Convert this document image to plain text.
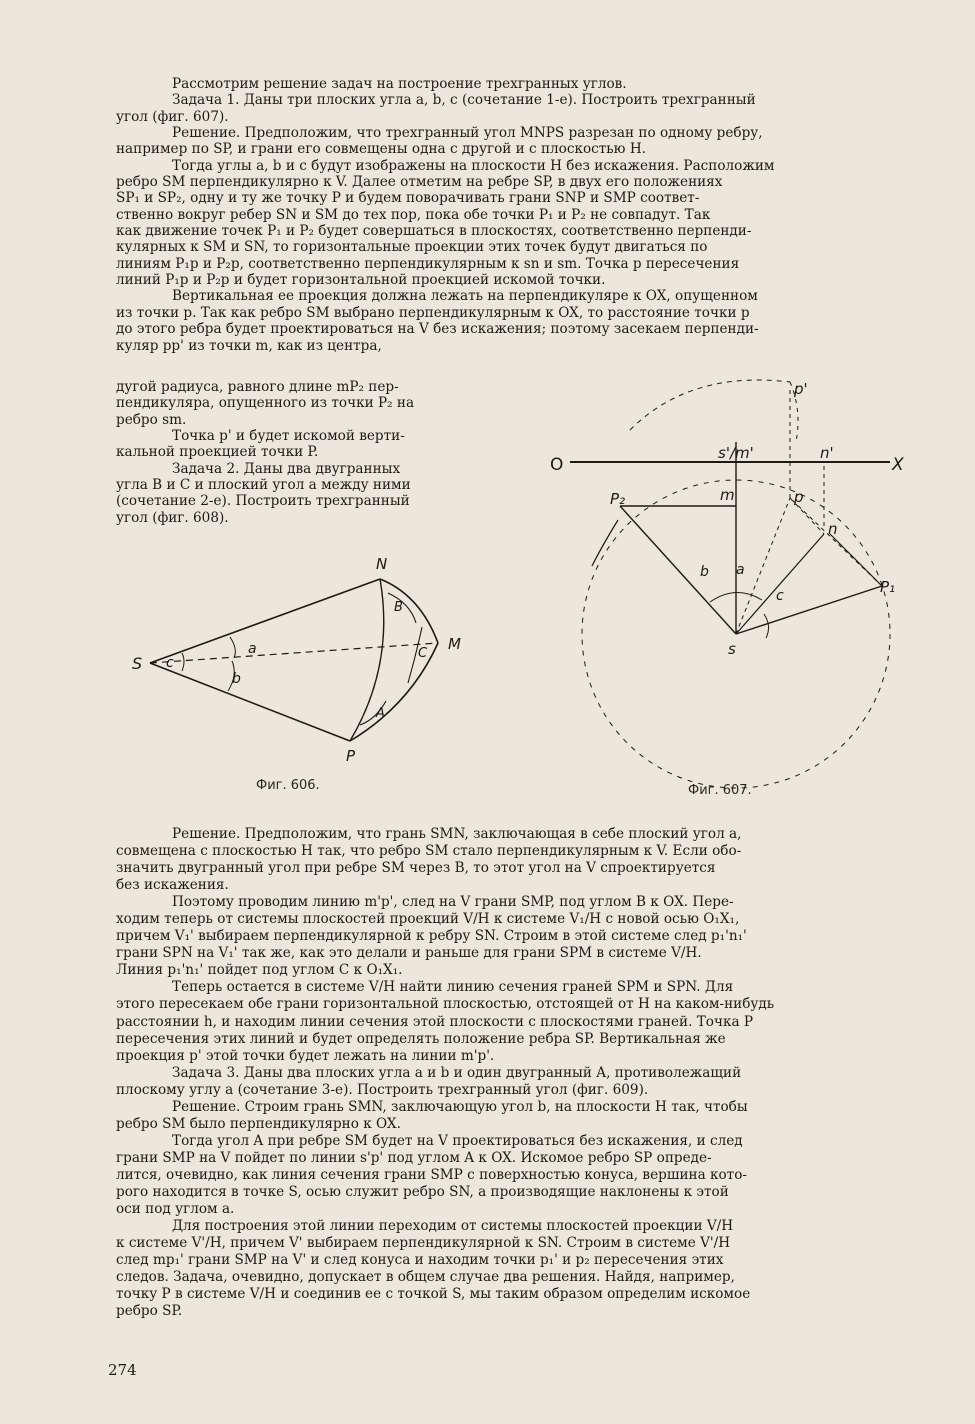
Рассмотрим решение задач на построение трехгранных углов.
Задача 1. Даны три плоских угла a, b, c (сочетание 1-е). Построить трехгранный
угол (фиг. 607).
Решение. Предположим, что трехгранный угол MNPS разрезан по одному ребру,
например по SP, и грани его совмещены одна с другой и с плоскостью H.
Тогда углы a, b и c будут изображены на плоскости H без искажения. Расположим
ребро SM перпендикулярно к V. Далее отметим на ребре SP, в двух его положениях
SP₁ и SP₂, одну и ту же точку P и будем поворачивать грани SNP и SMP соответ-
ственно вокруг ребер SN и SM до тех пор, пока обе точки P₁ и P₂ не совпадут. Так
как движение точек P₁ и P₂ будет совершаться в плоскостях, соответственно перпенди-
кулярных к SM и SN, то горизонтальные проекции этих точек будут двигаться по
линиям P₁p и P₂p, соответственно перпендикулярным к sn и sm. Точка p пересечения
линий P₁p и P₂p и будет горизонтальной проекцией искомой точки.
Вертикальная ее проекция должна лежать на перпендикуляре к OX, опущенном
из точки p. Так как ребро SM выбрано перпендикулярным к OX, то расстояние точки p
до этого ребра будет проектироваться на V без искажения; поэтому засекаем перпенди-
куляр pp' из точки m, как из центра,
дугой радиуса, равного длине mP₂ пер-
пендикуляра, опущенного из точки P₂ на
ребро sm.
Точка p' и будет искомой верти-
кальной проекцией точки P.
Задача 2. Даны два двугранных
угла B и C и плоский угол a между ними
(сочетание 2-е). Построить трехгранный
угол (фиг. 608).
N
S
M
P
a
b
c
B
C
A
Фиг. 606.
O	X
p'
s'/m'	n'
P₂	m	p
n
b a
c	P₁
s
Фиг. 607.
Решение. Предположим, что грань SMN, заключающая в себе плоский угол a,
совмещена с плоскостью H так, что ребро SM стало перпендикулярным к V. Если обо-
значить двугранный угол при ребре SM через B, то этот угол на V спроектируется
без искажения.
Поэтому проводим линию m'p', след на V грани SMP, под углом B к OX. Пере-
ходим теперь от системы плоскостей проекций V/H к системе V₁/H с новой осью O₁X₁,
причем V₁' выбираем перпендикулярной к ребру SN. Строим в этой системе след p₁'n₁'
грани SPN на V₁' так же, как это делали и раньше для грани SPM в системе V/H.
Линия p₁'n₁' пойдет под углом C к O₁X₁.
Теперь остается в системе V/H найти линию сечения граней SPM и SPN. Для
этого пересекаем обе грани горизонтальной плоскостью, отстоящей от H на каком-нибудь
расстоянии h, и находим линии сечения этой плоскости с плоскостями граней. Точка P
пересечения этих линий и будет определять положение ребра SP. Вертикальная же
проекция p' этой точки будет лежать на линии m'p'.
Задача 3. Даны два плоских угла a и b и один двугранный A, противолежащий
плоскому углу a (сочетание 3-е). Построить трехгранный угол (фиг. 609).
Решение. Строим грань SMN, заключающую угол b, на плоскости H так, чтобы
ребро SM было перпендикулярно к OX.
Тогда угол A при ребре SM будет на V проектироваться без искажения, и след
грани SMP на V пойдет по линии s'p' под углом A к OX. Искомое ребро SP опреде-
лится, очевидно, как линия сечения грани SMP с поверхностью конуса, вершина кото-
рого находится в точке S, осью служит ребро SN, а производящие наклонены к этой
оси под углом a.
Для построения этой линии переходим от системы плоскостей проекции V/H
к системе V'/H, причем V' выбираем перпендикулярной к SN. Строим в системе V'/H
след mp₁' грани SMP на V' и след конуса и находим точки p₁' и p₂ пересечения этих
следов. Задача, очевидно, допускает в общем случае два решения. Найдя, например,
точку P в системе V/H и соединив ее с точкой S, мы таким образом определим искомое
ребро SP.
274
